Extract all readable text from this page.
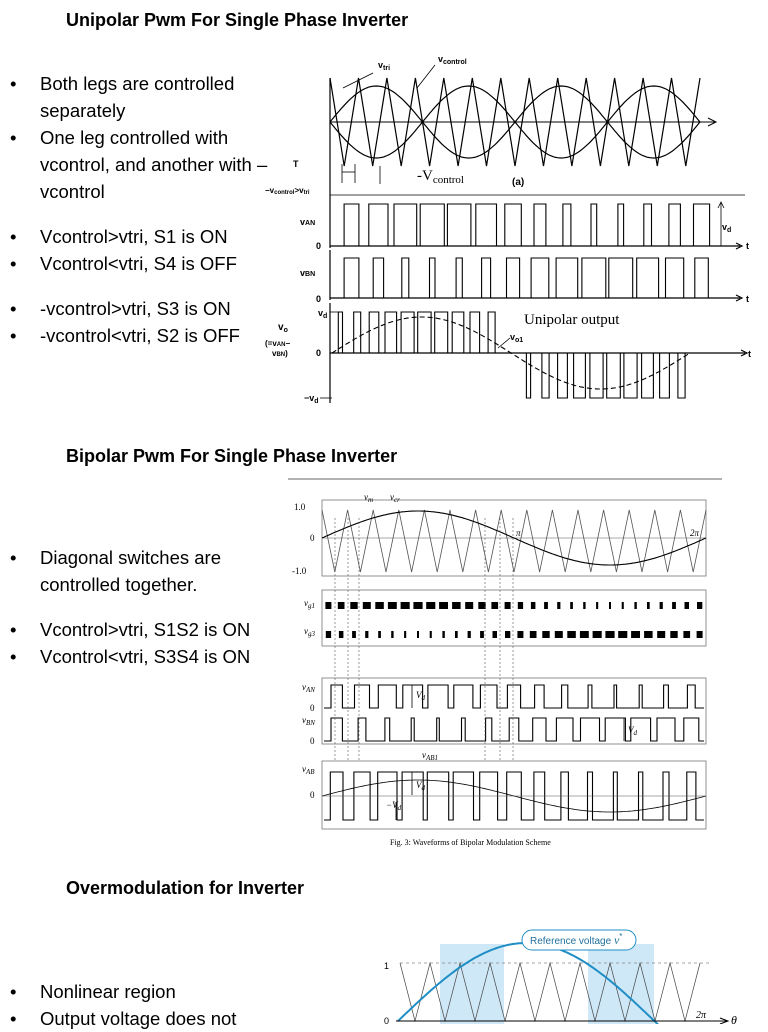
Unipolar Pwm For Single Phase Inverter
• Both legs are controlled separately
• One leg controlled with vcontrol, and another with –vcontrol
• Vcontrol>vtri, S1 is ON
• Vcontrol<vtri, S4 is OFF
• -vcontrol>vtri, S3 is ON
• -vcontrol<vtri, S2 is OFF
$v_{tri}$
$v_{control}$
$-V_{control}$	(a)
T
−vcontrol>vtri
vAN	$v_d$
0	t
vBN
0	t
$v_d$
$v_o$
(=vAN−
vBN)	0	t
Unipolar output
$v_{o1}$
$-v_d$
Bipolar Pwm For Single Phase Inverter
• Diagonal switches are controlled together.
• Vcontrol>vtri, S1S2 is ON
• Vcontrol<vtri, S3S4 is ON
1.0
0
-1.0
$v_m$ $v_{cr}$
π	2π
$v_{g1}$
$v_{g3}$
$v_{AN}$
0
$v_{BN}$
0
$v_{AB}$
0
$v_{AB1}$
$V_d$
$V_d$
$V_d$
$-V_d$
Fig. 3: Waveforms of Bipolar Modulation Scheme
Overmodulation for Inverter
• Nonlinear region
• Output voltage does not
Reference voltage v*
1
0	2π θ
